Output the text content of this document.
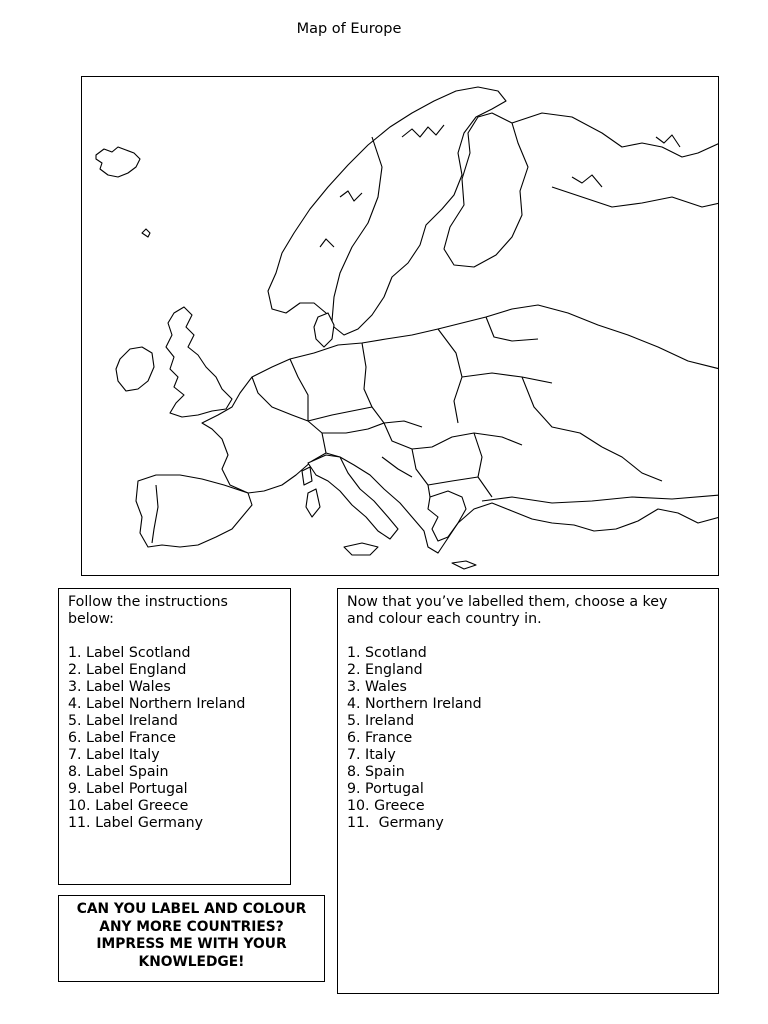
Map of Europe

Follow the instructions
below:

1. Label Scotland
2. Label England
3. Label Wales
4. Label Northern Ireland
5. Label Ireland
6. Label France
7. Label Italy
8. Label Spain
9. Label Portugal
10. Label Greece
11. Label Germany

Now that you’ve labelled them, choose a key
and colour each country in.

1. Scotland
2. England
3. Wales
4. Northern Ireland
5. Ireland
6. France
7. Italy
8. Spain
9. Portugal
10. Greece
11.  Germany
CAN YOU LABEL AND COLOUR ANY MORE COUNTRIES? IMPRESS ME WITH YOUR KNOWLEDGE!
